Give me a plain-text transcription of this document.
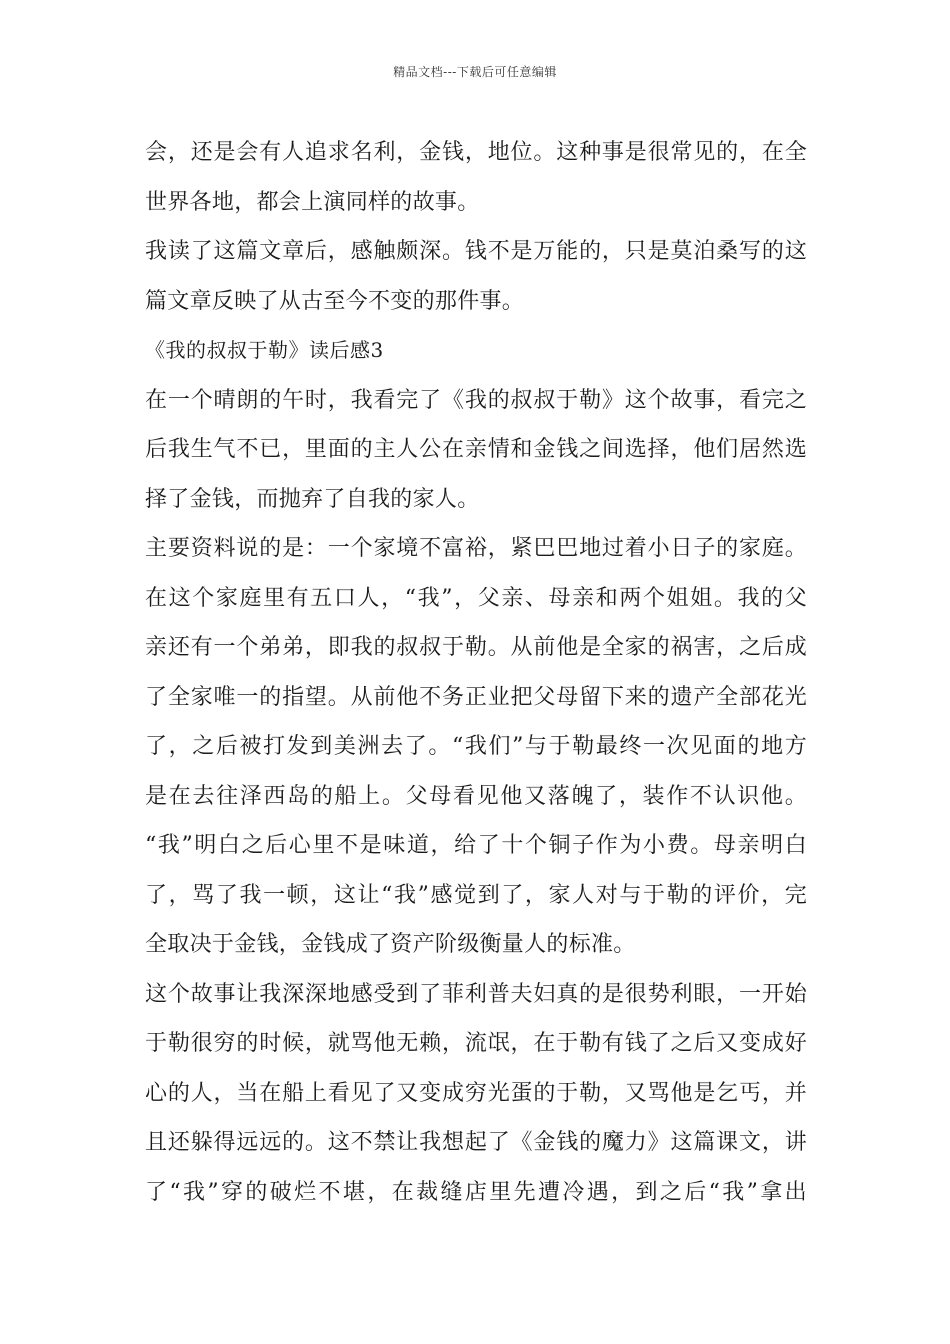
精品文档---下载后可任意编辑
会，还是会有人追求名利，金钱，地位。这种事是很常见的，在全
世界各地，都会上演同样的故事。
我读了这篇文章后，感触颇深。钱不是万能的，只是莫泊桑写的这
篇文章反映了从古至今不变的那件事。
《我的叔叔于勒》读后感3
在一个晴朗的午时，我看完了《我的叔叔于勒》这个故事，看完之
后我生气不已，里面的主人公在亲情和金钱之间选择，他们居然选
择了金钱，而抛弃了自我的家人。
主要资料说的是：一个家境不富裕，紧巴巴地过着小日子的家庭。
在这个家庭里有五口人，“我”，父亲、母亲和两个姐姐。我的父
亲还有一个弟弟，即我的叔叔于勒。从前他是全家的祸害，之后成
了全家唯一的指望。从前他不务正业把父母留下来的遗产全部花光
了，之后被打发到美洲去了。“我们”与于勒最终一次见面的地方
是在去往泽西岛的船上。父母看见他又落魄了，装作不认识他。
“我”明白之后心里不是味道，给了十个铜子作为小费。母亲明白
了，骂了我一顿，这让“我”感觉到了，家人对与于勒的评价，完
全取决于金钱，金钱成了资产阶级衡量人的标准。
这个故事让我深深地感受到了菲利普夫妇真的是很势利眼，一开始
于勒很穷的时候，就骂他无赖，流氓，在于勒有钱了之后又变成好
心的人，当在船上看见了又变成穷光蛋的于勒，又骂他是乞丐，并
且还躲得远远的。这不禁让我想起了《金钱的魔力》这篇课文，讲
了“我”穿的破烂不堪，在裁缝店里先遭冷遇，到之后“我”拿出
